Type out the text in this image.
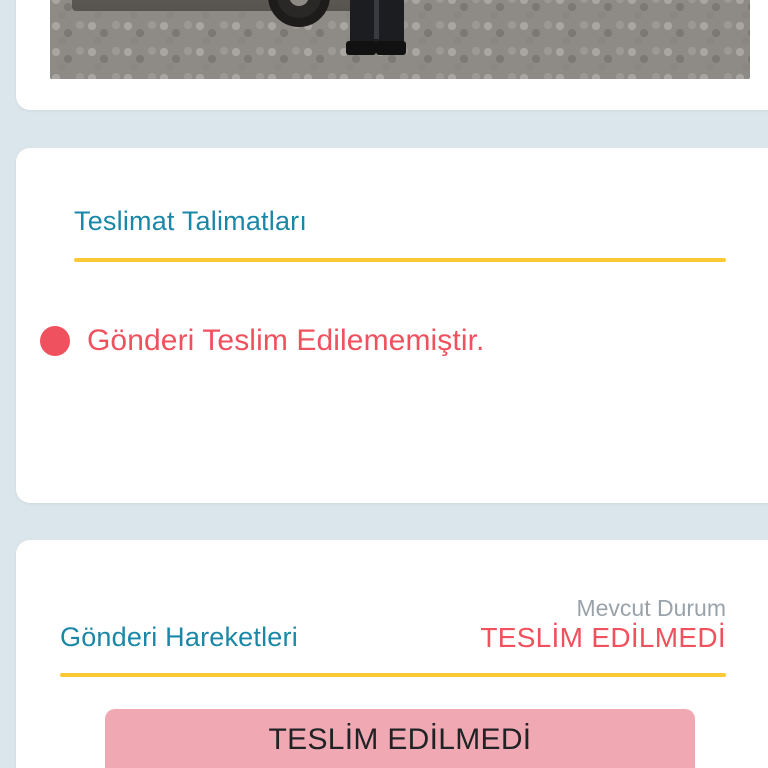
Teslimat Talimatları
Gönderi Teslim Edilememiştir.
Gönderi Hareketleri
Mevcut Durum
TESLİM EDİLMEDİ
TESLİM EDİLMEDİ
